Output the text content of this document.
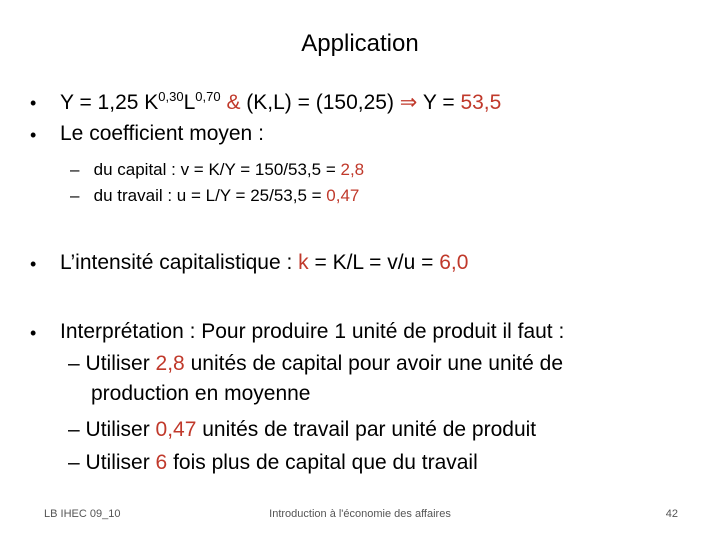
Application
• Y = 1,25 $K^{0,30}L^{0,70}$ & (K,L) = (150,25) ⇒ Y = 53,5
• Le coefficient moyen :
– du capital : v = K/Y = 150/53,5 = 2,8
– du travail : u = L/Y = 25/53,5 = 0,47
• L’intensité capitalistique : k = K/L = v/u = 6,0
• Interprétation : Pour produire 1 unité de produit il faut :
– Utiliser 2,8 unités de capital pour avoir une unité de
production en moyenne
– Utiliser 0,47 unités de travail par unité de produit
– Utiliser 6 fois plus de capital que du travail
LB IHEC 09_10	Introduction à l'économie des affaires	42
